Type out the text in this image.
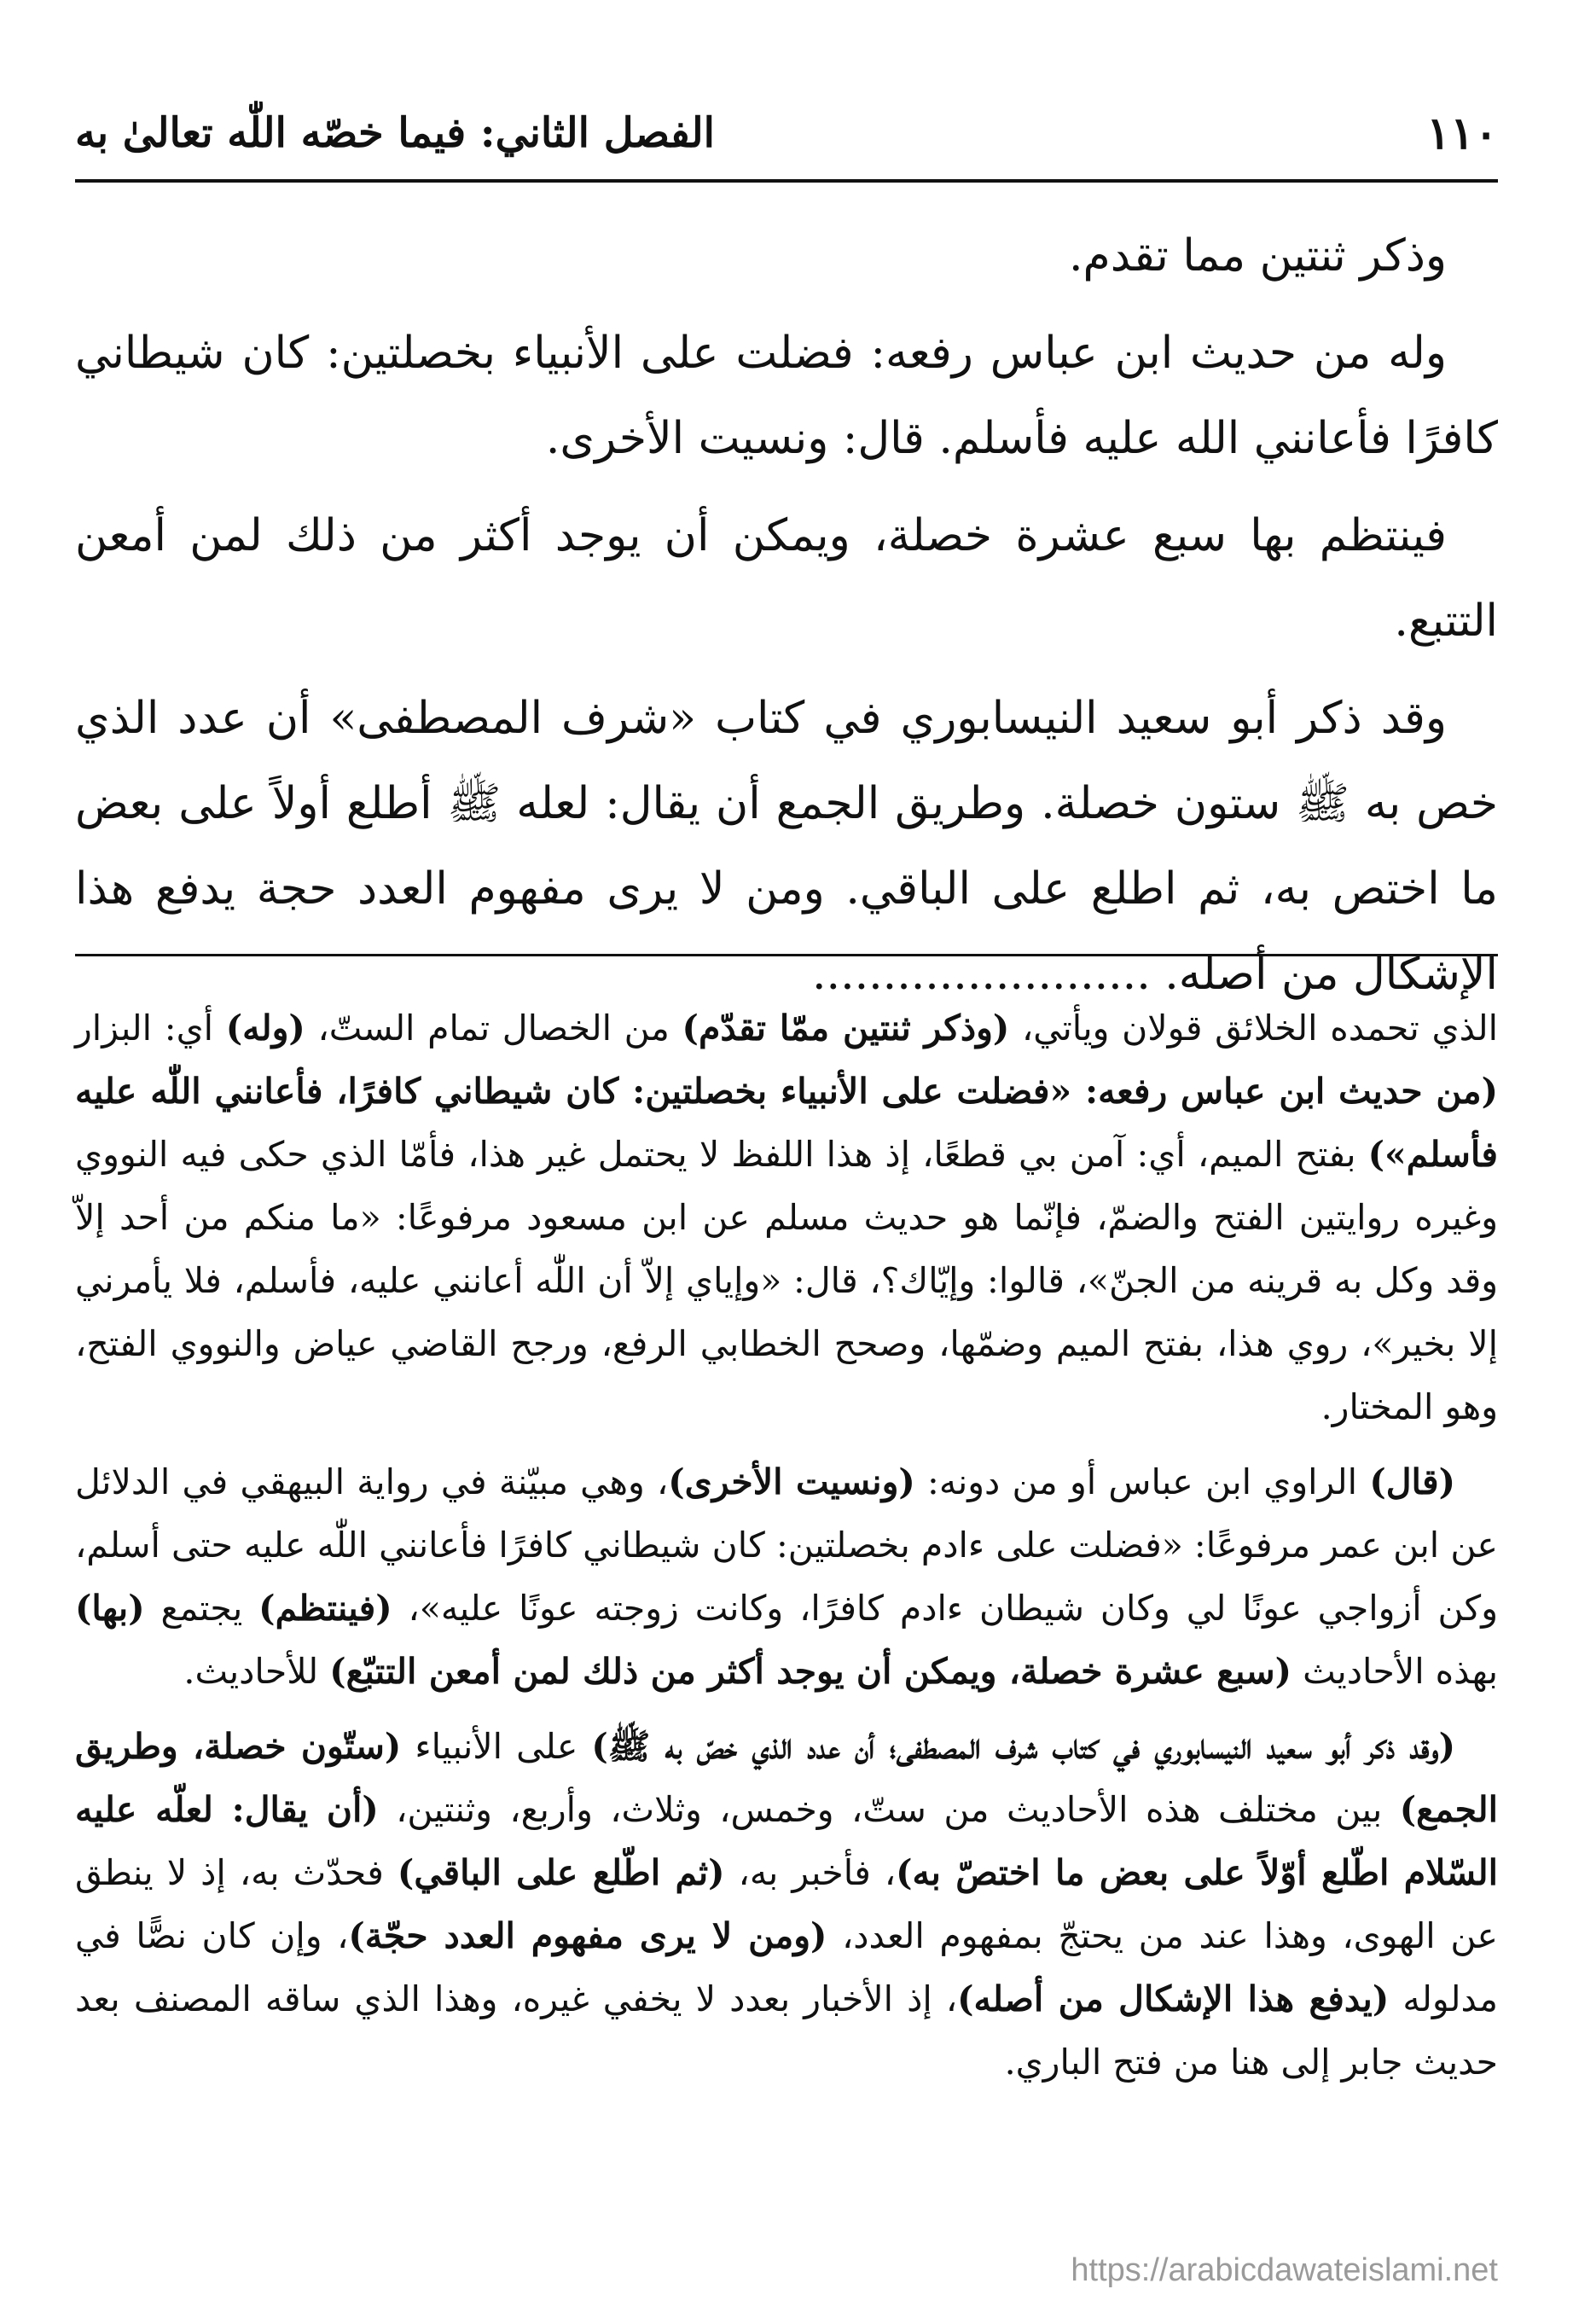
١١٠
الفصل الثاني: فيما خصّه اللّٰه تعالىٰ به

وذكر ثنتين مما تقدم.

وله من حديث ابن عباس رفعه: فضلت على الأنبياء بخصلتين: كان شيطاني كافرًا فأعانني الله عليه فأسلم. قال: ونسيت الأخرى.

فينتظم بها سبع عشرة خصلة، ويمكن أن يوجد أكثر من ذلك لمن أمعن التتبع.

وقد ذكر أبو سعيد النيسابوري في كتاب «شرف المصطفى» أن عدد الذي خص به ﷺ ستون خصلة. وطريق الجمع أن يقال: لعله ﷺ أطلع أولاً على بعض ما اختص به، ثم اطلع على الباقي. ومن لا يرى مفهوم العدد حجة يدفع هذا الإشكال من أصله. ........................

الذي تحمده الخلائق قولان ويأتي، (وذكر ثنتين ممّا تقدّم) من الخصال تمام الستّ، (وله) أي: البزار (من حديث ابن عباس رفعه: «فضلت على الأنبياء بخصلتين: كان شيطاني كافرًا، فأعانني اللّٰه عليه فأسلم») بفتح الميم، أي: آمن بي قطعًا، إذ هذا اللفظ لا يحتمل غير هذا، فأمّا الذي حكى فيه النووي وغيره روايتين الفتح والضمّ، فإنّما هو حديث مسلم عن ابن مسعود مرفوعًا: «ما منكم من أحد إلاّ وقد وكل به قرينه من الجنّ»، قالوا: وإيّاك؟، قال: «وإياي إلاّ أن اللّٰه أعانني عليه، فأسلم، فلا يأمرني إلا بخير»، روي هذا، بفتح الميم وضمّها، وصحح الخطابي الرفع، ورجح القاضي عياض والنووي الفتح، وهو المختار.

(قال) الراوي ابن عباس أو من دونه: (ونسيت الأخرى)، وهي مبيّنة في رواية البيهقي في الدلائل عن ابن عمر مرفوعًا: «فضلت على ءادم بخصلتين: كان شيطاني كافرًا فأعانني اللّٰه عليه حتى أسلم، وكن أزواجي عونًا لي وكان شيطان ءادم كافرًا، وكانت زوجته عونًا عليه»، (فينتظم) يجتمع (بها) بهذه الأحاديث (سبع عشرة خصلة، ويمكن أن يوجد أكثر من ذلك لمن أمعن التتبّع) للأحاديث.

(وقد ذكر أبو سعيد النيسابوري في كتاب شرف المصطفى؛ أن عدد الذي خصّ به ﷺ) على الأنبياء (ستّون خصلة، وطريق الجمع) بين مختلف هذه الأحاديث من ستّ، وخمس، وثلاث، وأربع، وثنتين، (أن يقال: لعلّه عليه السّلام اطّلع أوّلاً على بعض ما اختصّ به)، فأخبر به، (ثم اطّلع على الباقي) فحدّث به، إذ لا ينطق عن الهوى، وهذا عند من يحتجّ بمفهوم العدد، (ومن لا يرى مفهوم العدد حجّة)، وإن كان نصًّا في مدلوله (يدفع هذا الإشكال من أصله)، إذ الأخبار بعدد لا يخفي غيره، وهذا الذي ساقه المصنف بعد حديث جابر إلى هنا من فتح الباري.

https://arabicdawateislami.net
